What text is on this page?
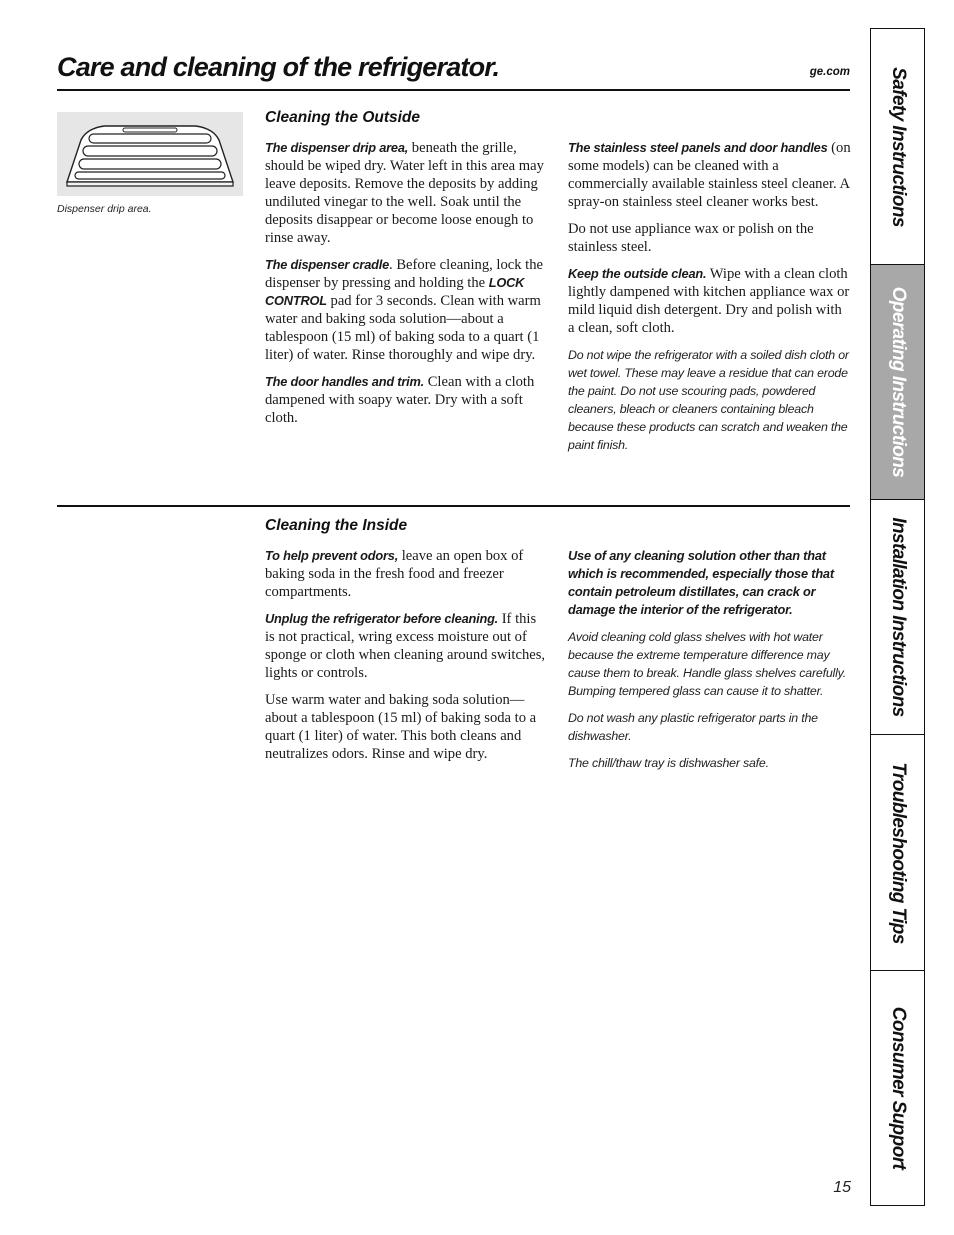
Care and cleaning of the refrigerator.	ge.com
Dispenser drip area.
Cleaning the Outside

The dispenser drip area, beneath the grille, should be wiped dry. Water left in this area may leave deposits. Remove the deposits by adding undiluted vinegar to the well. Soak until the deposits disappear or become loose enough to rinse away.

The dispenser cradle. Before cleaning, lock the dispenser by pressing and holding the LOCK CONTROL pad for 3 seconds. Clean with warm water and baking soda solution—about a tablespoon (15 ml) of baking soda to a quart (1 liter) of water. Rinse thoroughly and wipe dry.

The door handles and trim. Clean with a cloth dampened with soapy water. Dry with a soft cloth.

The stainless steel panels and door handles (on some models) can be cleaned with a commercially available stainless steel cleaner. A spray-on stainless steel cleaner works best.

Do not use appliance wax or polish on the stainless steel.

Keep the outside clean. Wipe with a clean cloth lightly dampened with kitchen appliance wax or mild liquid dish detergent. Dry and polish with a clean, soft cloth.

Do not wipe the refrigerator with a soiled dish cloth or wet towel. These may leave a residue that can erode the paint. Do not use scouring pads, powdered cleaners, bleach or cleaners containing bleach because these products can scratch and weaken the paint finish.

Cleaning the Inside

To help prevent odors, leave an open box of baking soda in the fresh food and freezer compartments.

Unplug the refrigerator before cleaning. If this is not practical, wring excess moisture out of sponge or cloth when cleaning around switches, lights or controls.

Use warm water and baking soda solution—about a tablespoon (15 ml) of baking soda to a quart (1 liter) of water. This both cleans and neutralizes odors. Rinse and wipe dry.

Use of any cleaning solution other than that which is recommended, especially those that contain petroleum distillates, can crack or damage the interior of the refrigerator.

Avoid cleaning cold glass shelves with hot water because the extreme temperature difference may cause them to break. Handle glass shelves carefully. Bumping tempered glass can cause it to shatter.

Do not wash any plastic refrigerator parts in the dishwasher.

The chill/thaw tray is dishwasher safe.

15
Safety Instructions
Operating Instructions
Installation Instructions
Troubleshooting Tips
Consumer Support
